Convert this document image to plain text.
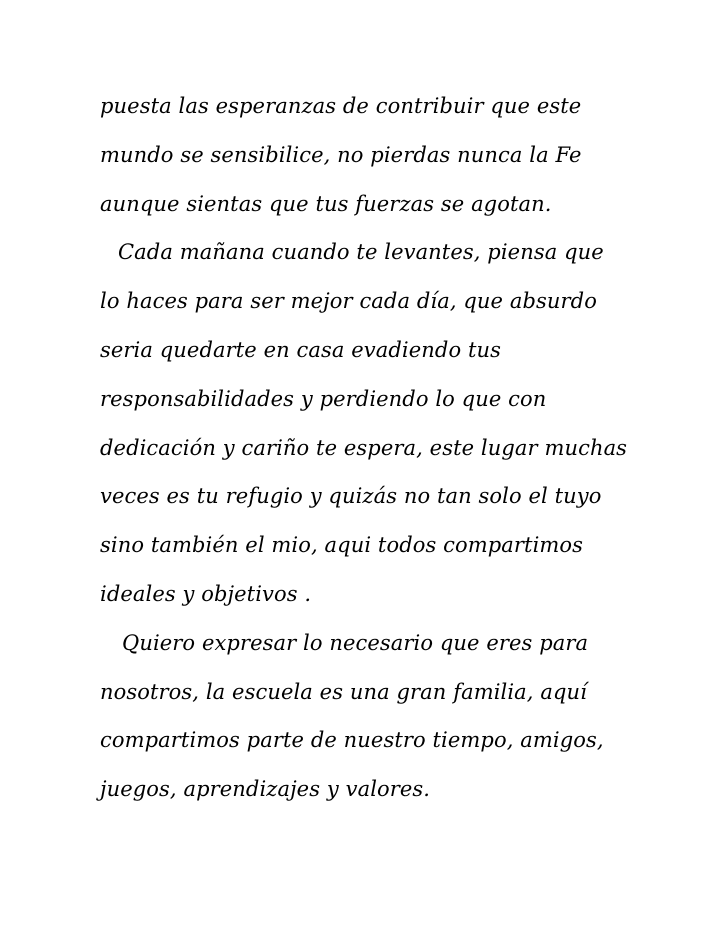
puesta las esperanzas de contribuir que este
mundo se sensibilice, no pierdas nunca la Fe
aunque sientas que tus fuerzas se agotan.
Cada mañana cuando te levantes, piensa que
lo haces para ser mejor cada día, que absurdo
seria quedarte en casa evadiendo tus
responsabilidades y perdiendo lo que con
dedicación y cariño te espera, este lugar muchas
veces es tu refugio y quizás no tan solo el tuyo
sino también el mio, aqui todos compartimos
ideales y objetivos .
Quiero expresar lo necesario que eres para
nosotros, la escuela es una gran familia, aquí
compartimos parte de nuestro tiempo, amigos,
juegos, aprendizajes y valores.
